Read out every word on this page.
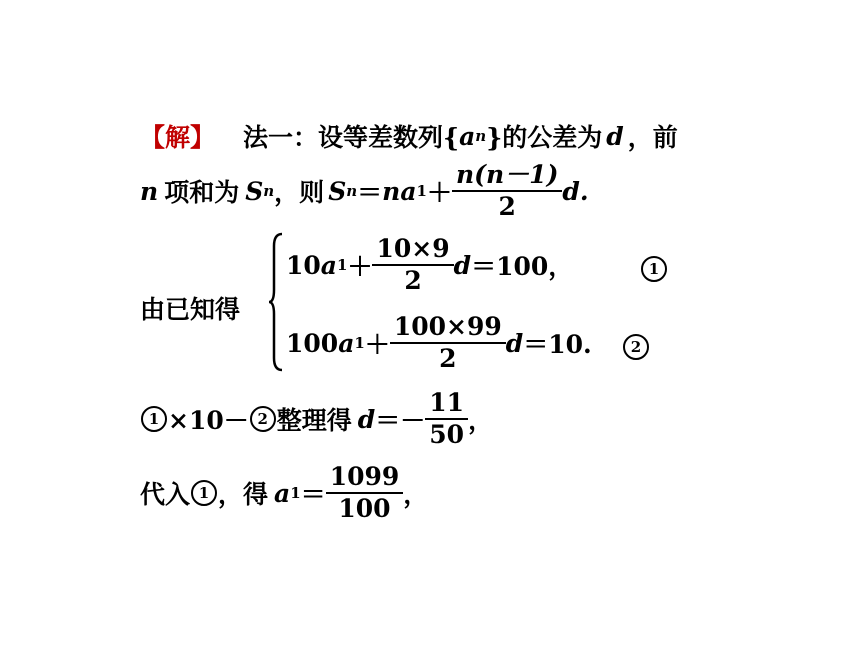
【解】 法一：设等差数列{ a n }的公差为 d ，前
n 项和为 S n ，则 S n ＝ na $1 + \frac{n(n-1)}{2} d$.
由已知得
10 a $1 + \frac{10\times 9}{2}$ d ＝100，	1
100 a $1 + \frac{100\times 99}{2}$ d ＝10.	2
1 ×10－ 2 整理得 $d =- \frac{11}{50}$ ，
代入 1 ，得 a $1 = \frac{1099}{100}$ ，
